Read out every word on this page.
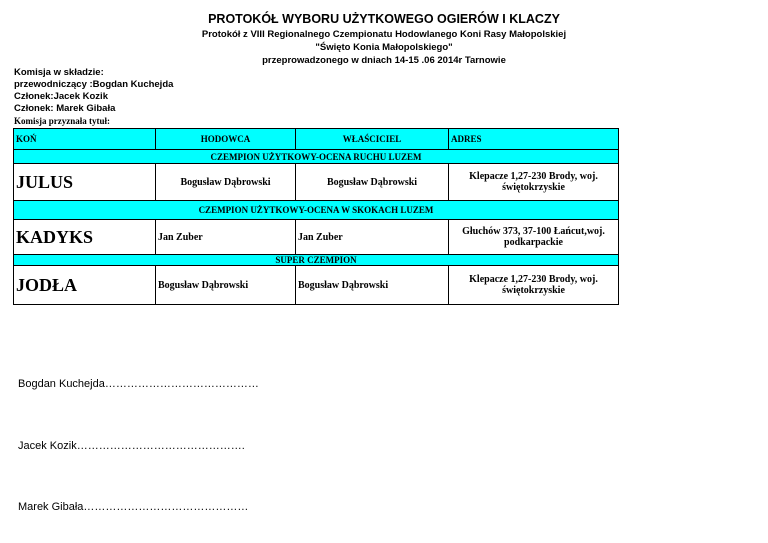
PROTOKÓŁ WYBORU UŻYTKOWEGO OGIERÓW I KLACZY
Protokół z VIII Regionalnego Czempionatu Hodowlanego Koni Rasy Małopolskiej
"Święto Konia Małopolskiego"
przeprowadzonego w dniach 14-15 .06 2014r Tarnowie
Komisja w składzie:
przewodniczący :Bogdan Kuchejda
Członek:Jacek Kozik
Członek: Marek Gibała
Komisja przyznała tytuł:
KOŃ	HODOWCA	WŁAŚCICIEL	ADRES
CZEMPION UŻYTKOWY-OCENA RUCHU LUZEM			
JULUS	Bogusław Dąbrowski	Bogusław Dąbrowski	Klepacze 1,27-230 Brody, woj. świętokrzyskie
CZEMPION UŻYTKOWY-OCENA W SKOKACH LUZEM			
KADYKS	Jan Zuber	Jan Zuber	Głuchów 373, 37-100 Łańcut,woj. podkarpackie
SUPER CZEMPION			
JODŁA	Bogusław Dąbrowski	Bogusław Dąbrowski	Klepacze 1,27-230 Brody, woj. świętokrzyskie
Bogdan Kuchejda……………………………………
Jacek Kozik……………………………………….
Marek Gibała………………………………………
